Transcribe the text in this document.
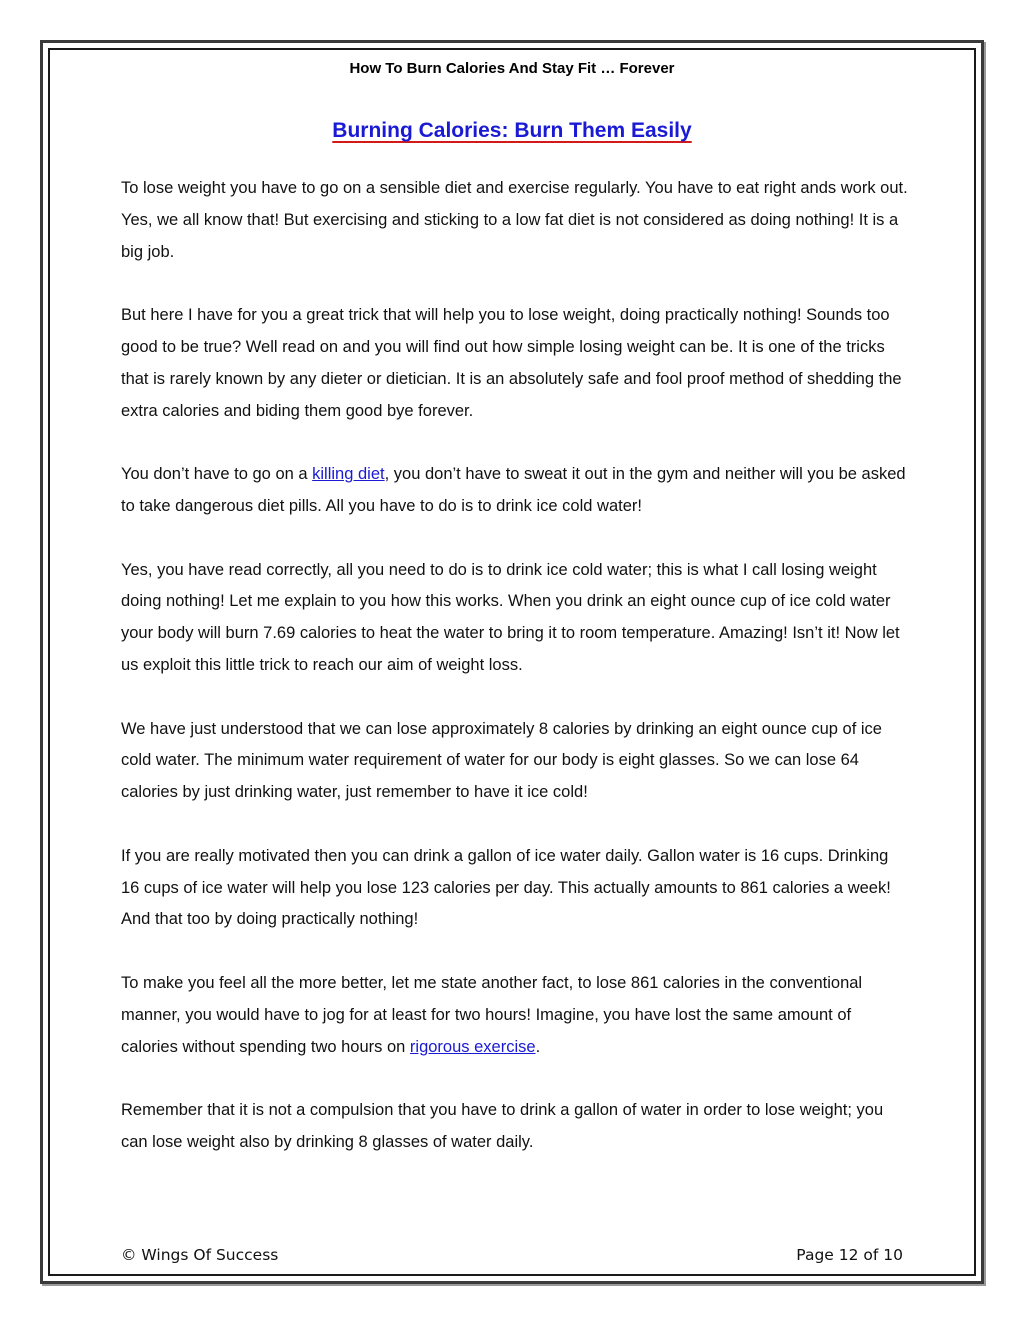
How To Burn Calories And Stay Fit … Forever
Burning Calories: Burn Them Easily

To lose weight you have to go on a sensible diet and exercise regularly. You have to eat right ands work out. Yes, we all know that! But exercising and sticking to a low fat diet is not considered as doing nothing! It is a big job.

But here I have for you a great trick that will help you to lose weight, doing practically nothing! Sounds too good to be true? Well read on and you will find out how simple losing weight can be. It is one of the tricks that is rarely known by any dieter or dietician. It is an absolutely safe and fool proof method of shedding the extra calories and biding them good bye forever.

You don’t have to go on a killing diet, you don’t have to sweat it out in the gym and neither will you be asked to take dangerous diet pills. All you have to do is to drink ice cold water!

Yes, you have read correctly, all you need to do is to drink ice cold water; this is what I call losing weight doing nothing! Let me explain to you how this works. When you drink an eight ounce cup of ice cold water your body will burn 7.69 calories to heat the water to bring it to room temperature. Amazing! Isn’t it! Now let us exploit this little trick to reach our aim of weight loss.

We have just understood that we can lose approximately 8 calories by drinking an eight ounce cup of ice cold water. The minimum water requirement of water for our body is eight glasses. So we can lose 64 calories by just drinking water, just remember to have it ice cold!

If you are really motivated then you can drink a gallon of ice water daily. Gallon water is 16 cups. Drinking 16 cups of ice water will help you lose 123 calories per day. This actually amounts to 861 calories a week! And that too by doing practically nothing!

To make you feel all the more better, let me state another fact, to lose 861 calories in the conventional manner, you would have to jog for at least for two hours! Imagine, you have lost the same amount of calories without spending two hours on rigorous exercise.

Remember that it is not a compulsion that you have to drink a gallon of water in order to lose weight; you can lose weight also by drinking 8 glasses of water daily.

© Wings Of Success	Page 12 of 10
